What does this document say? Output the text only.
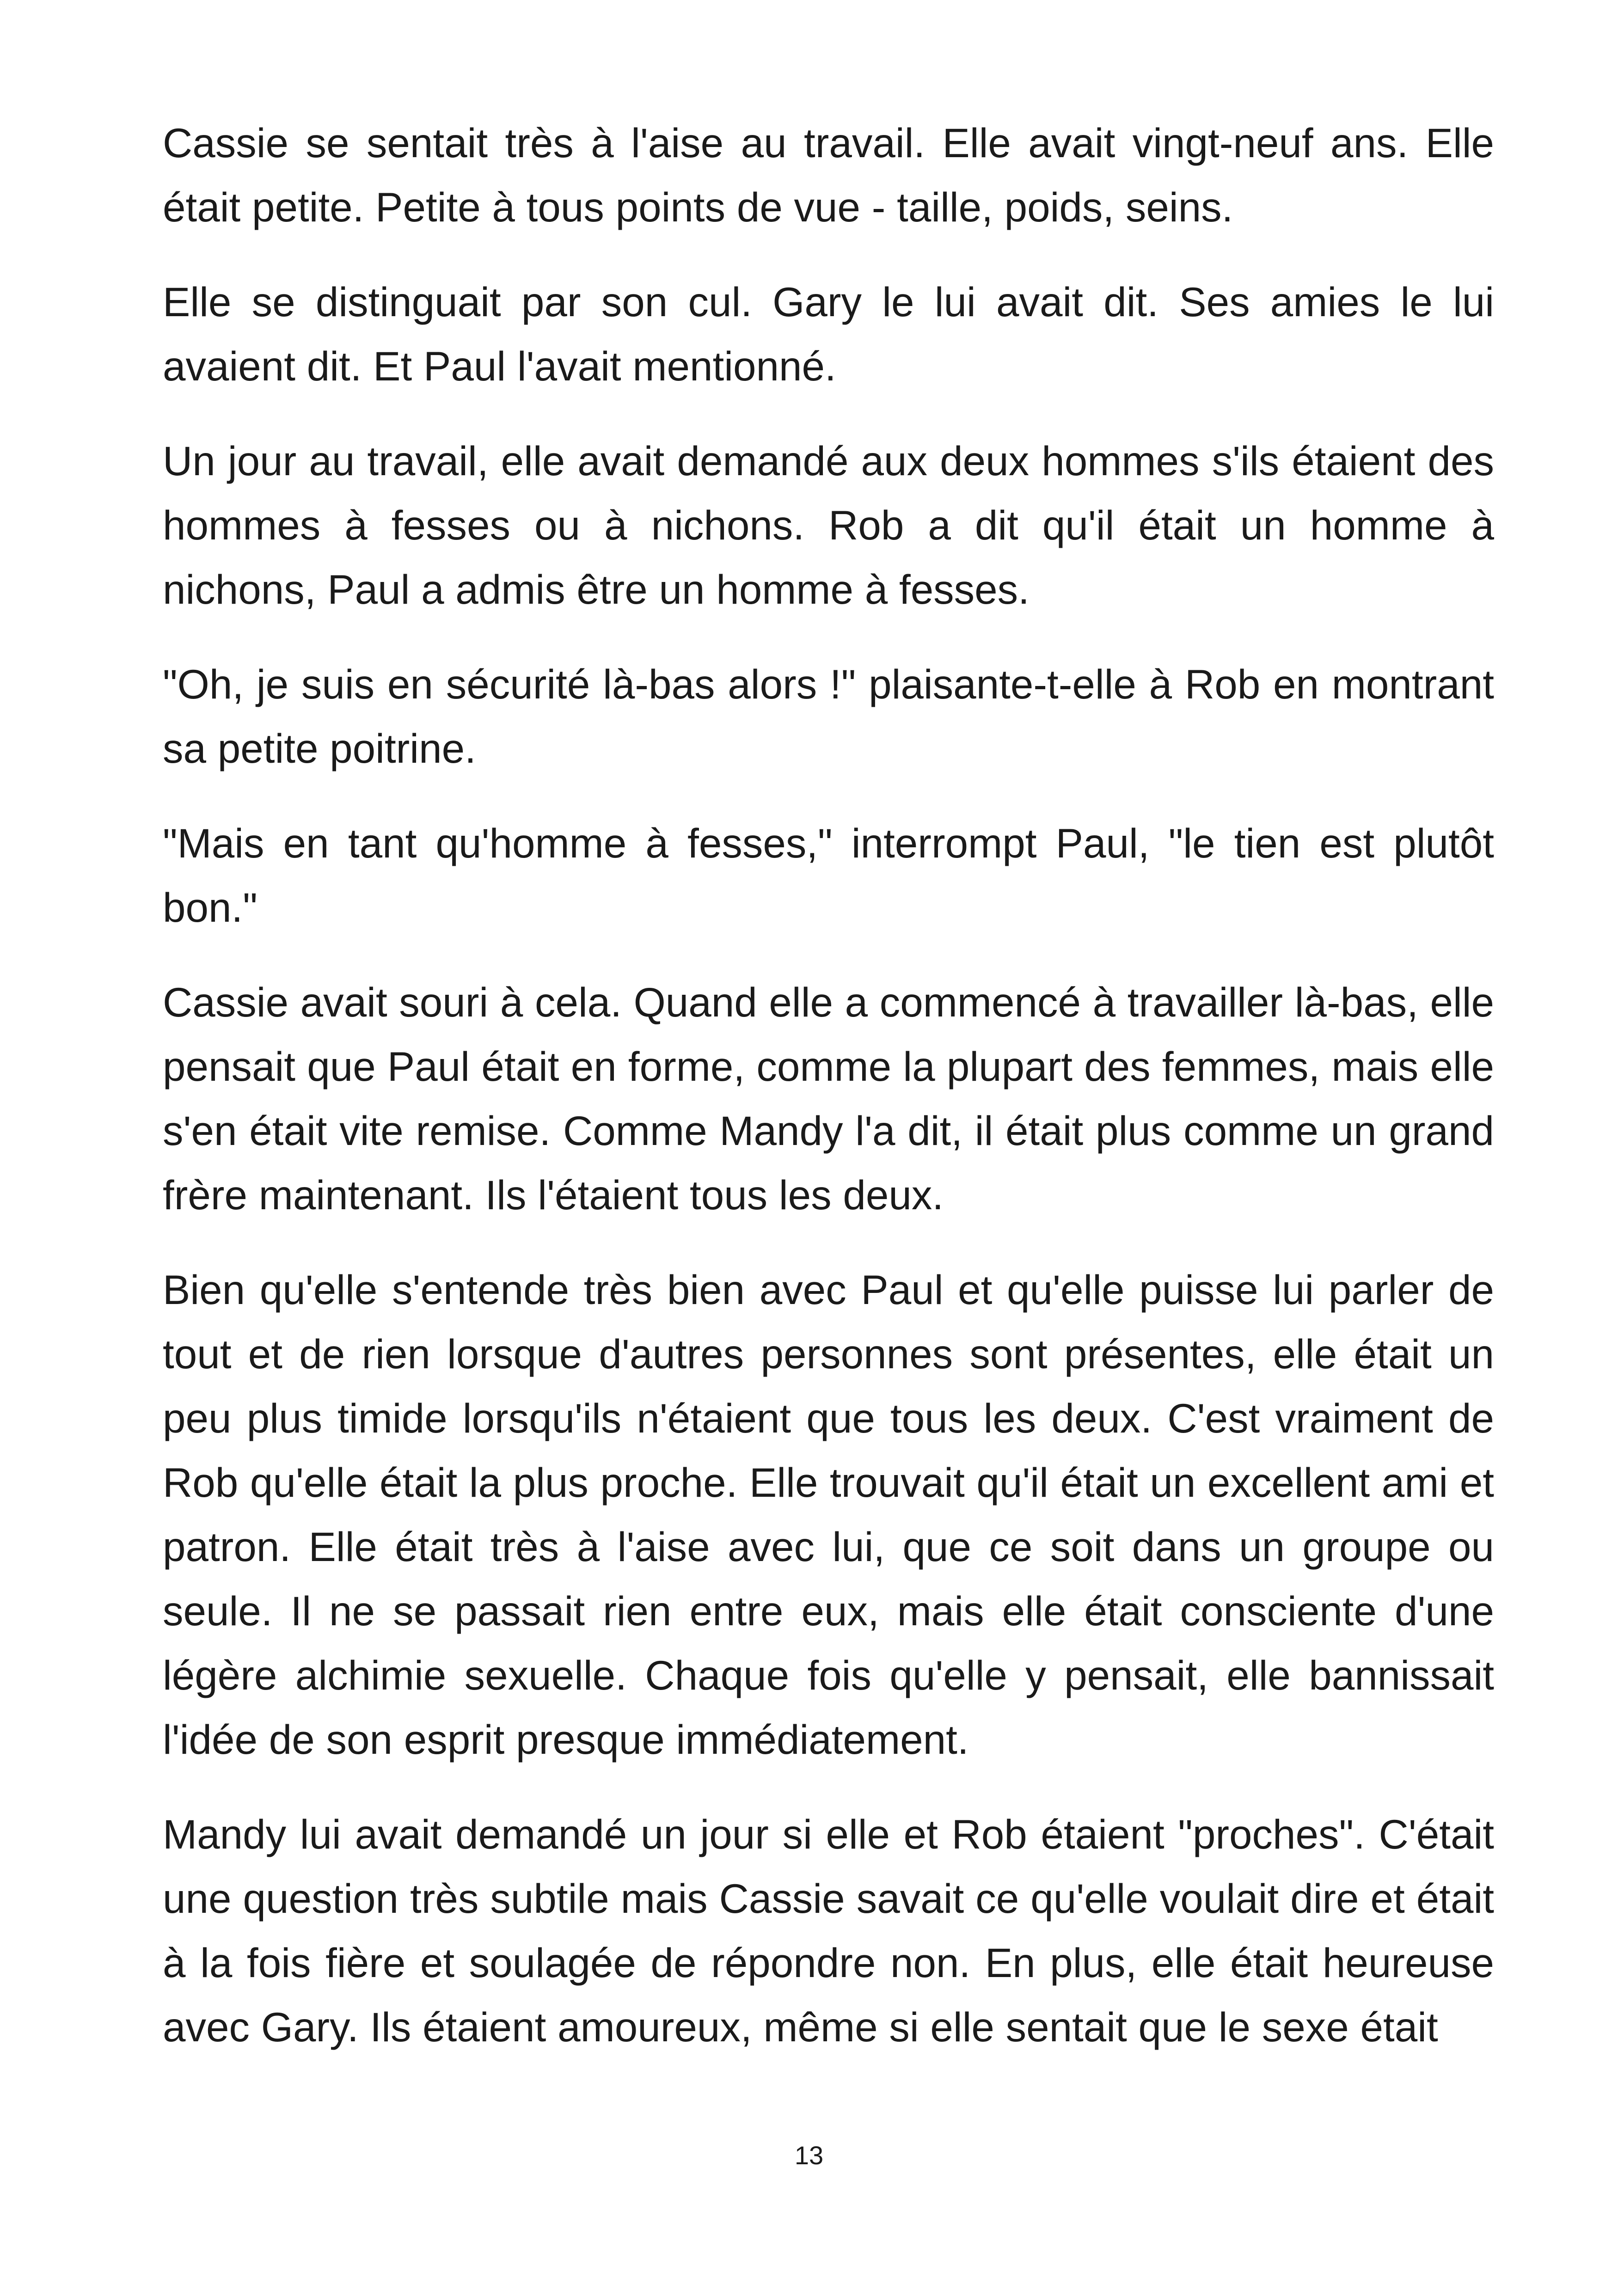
Cassie se sentait très à l'aise au travail. Elle avait vingt-neuf ans. Elle était petite. Petite à tous points de vue - taille, poids, seins.

Elle se distinguait par son cul. Gary le lui avait dit. Ses amies le lui avaient dit. Et Paul l'avait mentionné.

Un jour au travail, elle avait demandé aux deux hommes s'ils étaient des hommes à fesses ou à nichons. Rob a dit qu'il était un homme à nichons, Paul a admis être un homme à fesses.

"Oh, je suis en sécurité là-bas alors !" plaisante-t-elle à Rob en montrant sa petite poitrine.

"Mais en tant qu'homme à fesses," interrompt Paul, "le tien est plutôt bon."

Cassie avait souri à cela. Quand elle a commencé à travailler là-bas, elle pensait que Paul était en forme, comme la plupart des femmes, mais elle s'en était vite remise. Comme Mandy l'a dit, il était plus comme un grand frère maintenant. Ils l'étaient tous les deux.

Bien qu'elle s'entende très bien avec Paul et qu'elle puisse lui parler de tout et de rien lorsque d'autres personnes sont présentes, elle était un peu plus timide lorsqu'ils n'étaient que tous les deux. C'est vraiment de Rob qu'elle était la plus proche. Elle trouvait qu'il était un excellent ami et patron. Elle était très à l'aise avec lui, que ce soit dans un groupe ou seule. Il ne se passait rien entre eux, mais elle était consciente d'une légère alchimie sexuelle. Chaque fois qu'elle y pensait, elle bannissait l'idée de son esprit presque immédiatement.

Mandy lui avait demandé un jour si elle et Rob étaient "proches". C'était une question très subtile mais Cassie savait ce qu'elle voulait dire et était à la fois fière et soulagée de répondre non. En plus, elle était heureuse avec Gary. Ils étaient amoureux, même si elle sentait que le sexe était

13
